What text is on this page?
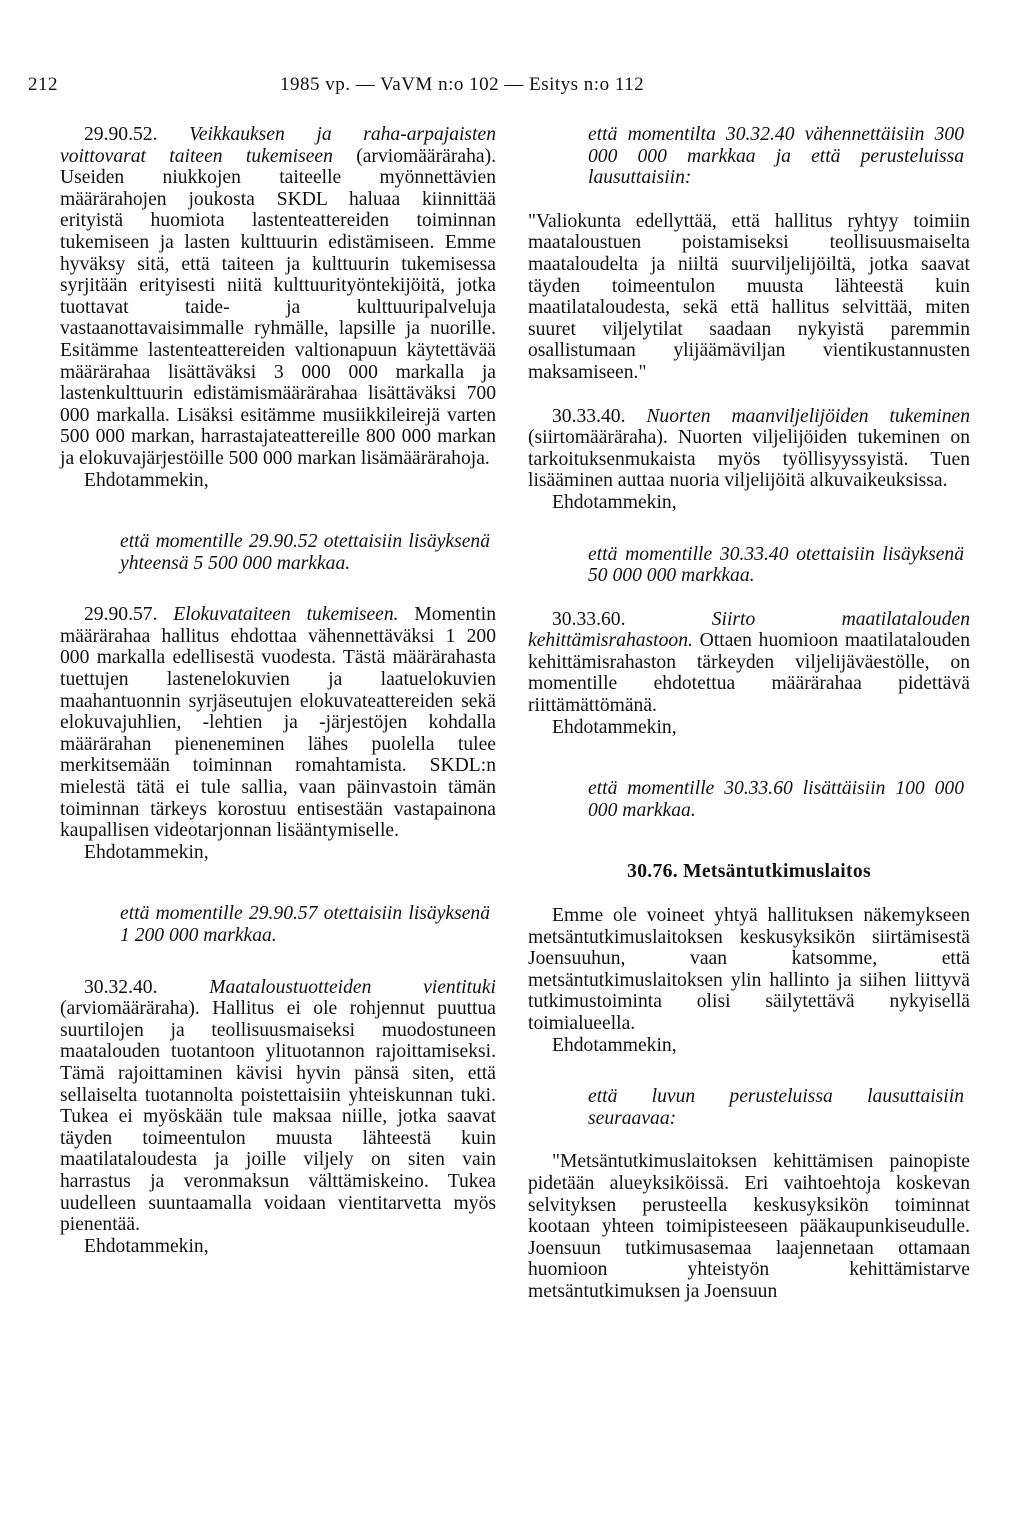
212	1985 vp. — VaVM n:o 102 — Esitys n:o 112

29.90.52. Veikkauksen ja raha-arpajaisten voittovarat taiteen tukemiseen (arviomääräraha). Useiden niukkojen taiteelle myönnettävien määrärahojen joukosta SKDL haluaa kiinnittää erityistä huomiota lastenteattereiden toiminnan tukemiseen ja lasten kulttuurin edistämiseen. Emme hyväksy sitä, että taiteen ja kulttuurin tukemisessa syrjitään erityisesti niitä kulttuurityöntekijöitä, jotka tuottavat taide- ja kulttuuripalveluja vastaanottavaisimmalle ryhmälle, lapsille ja nuorille. Esitämme lastenteattereiden valtionapuun käytettävää määrärahaa lisättäväksi 3 000 000 markalla ja lastenkulttuurin edistämismäärärahaa lisättäväksi 700 000 markalla. Lisäksi esitämme musiikkileirejä varten 500 000 markan, harrastajateattereille 800 000 markan ja elokuvajärjestöille 500 000 markan lisämäärärahoja.

Ehdotammekin,

että momentille 29.90.52 otettaisiin lisäyksenä yhteensä 5 500 000 markkaa.

29.90.57. Elokuvataiteen tukemiseen. Momentin määrärahaa hallitus ehdottaa vähennettäväksi 1 200 000 markalla edellisestä vuodesta. Tästä määrärahasta tuettujen lastenelokuvien ja laatuelokuvien maahantuonnin syrjäseutujen elokuvateattereiden sekä elokuvajuhlien, -lehtien ja -järjestöjen kohdalla määrärahan pieneneminen lähes puolella tulee merkitsemään toiminnan romahtamista. SKDL:n mielestä tätä ei tule sallia, vaan päinvastoin tämän toiminnan tärkeys korostuu entisestään vastapainona kaupallisen videotarjonnan lisääntymiselle.

Ehdotammekin,

että momentille 29.90.57 otettaisiin lisäyksenä 1 200 000 markkaa.

30.32.40. Maataloustuotteiden vientituki (arviomääräraha). Hallitus ei ole rohjennut puuttua suurtilojen ja teollisuusmaiseksi muodostuneen maatalouden tuotantoon ylituotannon rajoittamiseksi. Tämä rajoittaminen kävisi hyvin pänsä siten, että sellaiselta tuotannolta poistettaisiin yhteiskunnan tuki. Tukea ei myöskään tule maksaa niille, jotka saavat täyden toimeentulon muusta lähteestä kuin maatilataloudesta ja joille viljely on siten vain harrastus ja veronmaksun välttämiskeino. Tukea uudelleen suuntaamalla voidaan vientitarvetta myös pienentää.

Ehdotammekin,

että momentilta 30.32.40 vähennettäisiin 300 000 000 markkaa ja että perusteluissa lausuttaisiin:

"Valiokunta edellyttää, että hallitus ryhtyy toimiin maataloustuen poistamiseksi teollisuusmaiselta maataloudelta ja niiltä suurviljelijöiltä, jotka saavat täyden toimeentulon muusta lähteestä kuin maatilataloudesta, sekä että hallitus selvittää, miten suuret viljelytilat saadaan nykyistä paremmin osallistumaan ylijäämäviljan vientikustannusten maksamiseen."

30.33.40. Nuorten maanviljelijöiden tukeminen (siirtomääräraha). Nuorten viljelijöiden tukeminen on tarkoituksenmukaista myös työllisyyssyistä. Tuen lisääminen auttaa nuoria viljelijöitä alkuvaikeuksissa.

Ehdotammekin,

että momentille 30.33.40 otettaisiin lisäyksenä 50 000 000 markkaa.

30.33.60. Siirto maatilatalouden kehittämisrahastoon. Ottaen huomioon maatilatalouden kehittämisrahaston tärkeyden viljelijäväestölle, on momentille ehdotettua määrärahaa pidettävä riittämättömänä.

Ehdotammekin,

että momentille 30.33.60 lisättäisiin 100 000 000 markkaa.

30.76. Metsäntutkimuslaitos

Emme ole voineet yhtyä hallituksen näkemykseen metsäntutkimuslaitoksen keskusyksikön siirtämisestä Joensuuhun, vaan katsomme, että metsäntutkimuslaitoksen ylin hallinto ja siihen liittyvä tutkimustoiminta olisi säilytettävä nykyisellä toimialueella.

Ehdotammekin,

että luvun perusteluissa lausuttaisiin seuraavaa:

"Metsäntutkimuslaitoksen kehittämisen painopiste pidetään alueyksiköissä. Eri vaihtoehtoja koskevan selvityksen perusteella keskusyksikön toiminnat kootaan yhteen toimipisteeseen pääkaupunkiseudulle. Joensuun tutkimusasemaa laajennetaan ottamaan huomioon yhteistyön kehittämistarve metsäntutkimuksen ja Joensuun
